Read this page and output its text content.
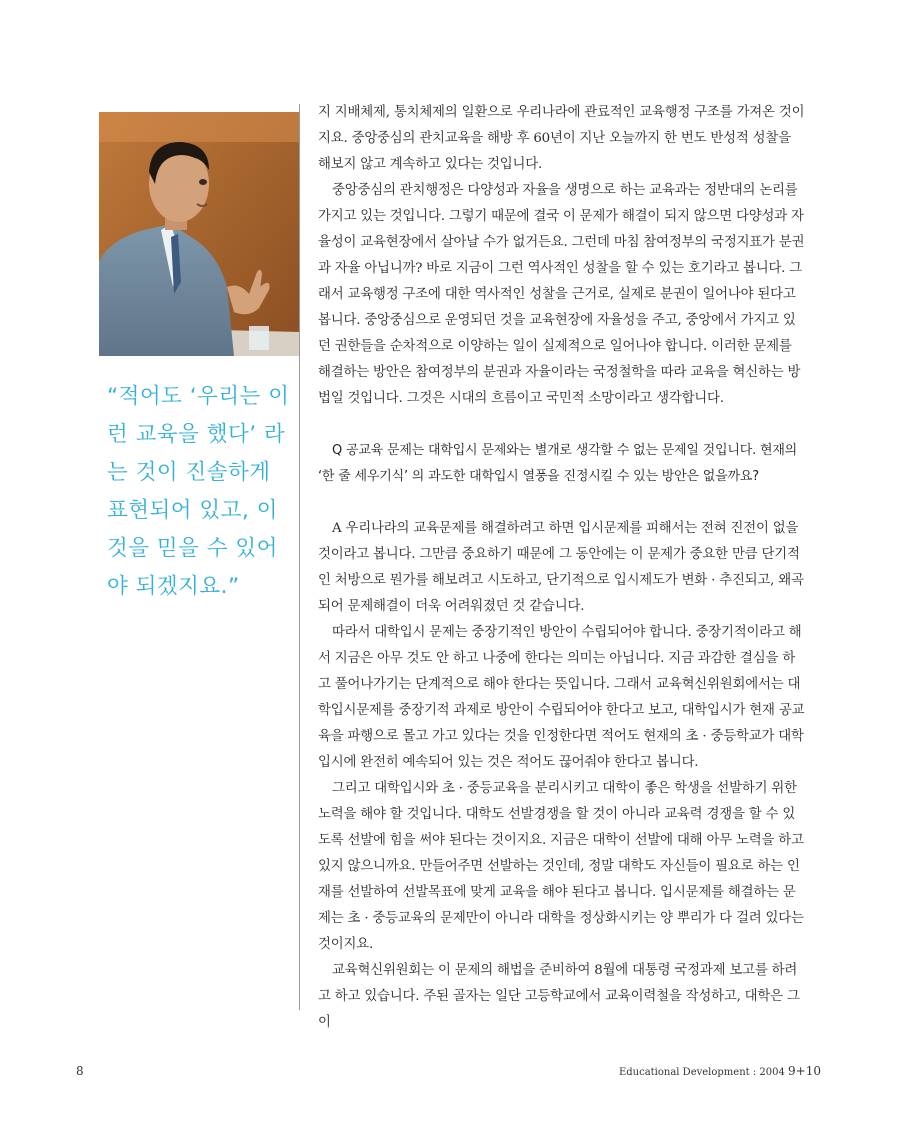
“적어도 ‘우리는 이런 교육을 했다’ 라는 것이 진솔하게 표현되어 있고, 이것을 믿을 수 있어야 되겠지요.”

지 지배체제, 통치체제의 일환으로 우리나라에 관료적인 교육행정 구조를 가져온 것이지요. 중앙중심의 관치교육을 해방 후 60년이 지난 오늘까지 한 번도 반성적 성찰을 해보지 않고 계속하고 있다는 것입니다.

중앙중심의 관치행정은 다양성과 자율을 생명으로 하는 교육과는 정반대의 논리를 가지고 있는 것입니다. 그렇기 때문에 결국 이 문제가 해결이 되지 않으면 다양성과 자율성이 교육현장에서 살아날 수가 없거든요. 그런데 마침 참여정부의 국정지표가 분권과 자율 아닙니까? 바로 지금이 그런 역사적인 성찰을 할 수 있는 호기라고 봅니다. 그래서 교육행정 구조에 대한 역사적인 성찰을 근거로, 실제로 분권이 일어나야 된다고 봅니다. 중앙중심으로 운영되던 것을 교육현장에 자율성을 주고, 중앙에서 가지고 있던 권한들을 순차적으로 이양하는 일이 실제적으로 일어나야 합니다. 이러한 문제를 해결하는 방안은 참여정부의 분권과 자율이라는 국정철학을 따라 교육을 혁신하는 방법일 것입니다. 그것은 시대의 흐름이고 국민적 소망이라고 생각합니다.

Q 공교육 문제는 대학입시 문제와는 별개로 생각할 수 없는 문제일 것입니다. 현재의 ‘한 줄 세우기식’ 의 과도한 대학입시 열풍을 진정시킬 수 있는 방안은 없을까요?

A 우리나라의 교육문제를 해결하려고 하면 입시문제를 피해서는 전혀 진전이 없을 것이라고 봅니다. 그만큼 중요하기 때문에 그 동안에는 이 문제가 중요한 만큼 단기적인 처방으로 뭔가를 해보려고 시도하고, 단기적으로 입시제도가 변화 · 추진되고, 왜곡되어 문제해결이 더욱 어려워졌던 것 같습니다.

따라서 대학입시 문제는 중장기적인 방안이 수립되어야 합니다. 중장기적이라고 해서 지금은 아무 것도 안 하고 나중에 한다는 의미는 아닙니다. 지금 과감한 결심을 하고 풀어나가기는 단계적으로 해야 한다는 뜻입니다. 그래서 교육혁신위원회에서는 대학입시문제를 중장기적 과제로 방안이 수립되어야 한다고 보고, 대학입시가 현재 공교육을 파행으로 몰고 가고 있다는 것을 인정한다면 적어도 현재의 초 · 중등학교가 대학입시에 완전히 예속되어 있는 것은 적어도 끊어줘야 한다고 봅니다.

그리고 대학입시와 초 · 중등교육을 분리시키고 대학이 좋은 학생을 선발하기 위한 노력을 해야 할 것입니다. 대학도 선발경쟁을 할 것이 아니라 교육력 경쟁을 할 수 있도록 선발에 힘을 써야 된다는 것이지요. 지금은 대학이 선발에 대해 아무 노력을 하고 있지 않으니까요. 만들어주면 선발하는 것인데, 정말 대학도 자신들이 필요로 하는 인재를 선발하여 선발목표에 맞게 교육을 해야 된다고 봅니다. 입시문제를 해결하는 문제는 초 · 중등교육의 문제만이 아니라 대학을 정상화시키는 양 뿌리가 다 걸려 있다는 것이지요.

교육혁신위원회는 이 문제의 해법을 준비하여 8월에 대통령 국정과제 보고를 하려고 하고 있습니다. 주된 골자는 일단 고등학교에서 교육이력철을 작성하고, 대학은 그 이

8	Educational Development : 2004 9+10
